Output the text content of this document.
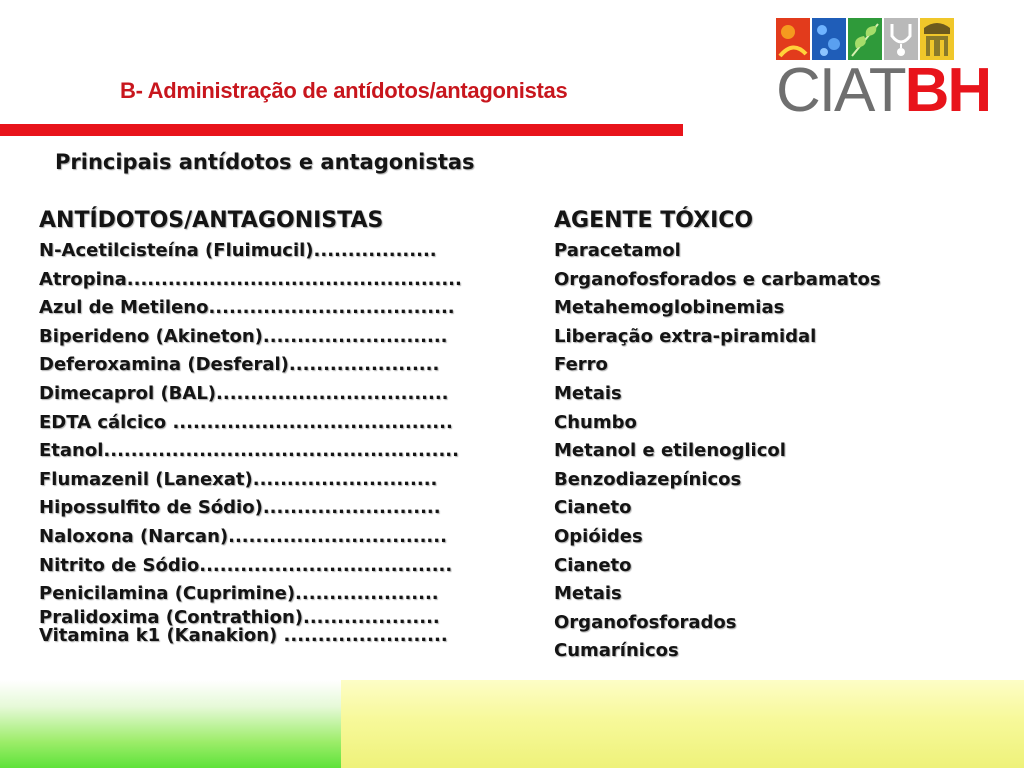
B- Administração de antídotos/antagonistas	CIATBH
Principais antídotos e antagonistas
ANTÍDOTOS/ANTAGONISTAS
N-Acetilcisteína (Fluimucil)..................
Atropina.................................................
Azul de Metileno....................................
Biperideno (Akineton)...........................
Deferoxamina (Desferal)......................
Dimecaprol (BAL)..................................
EDTA cálcico .........................................
Etanol....................................................
Flumazenil (Lanexat)...........................
Hipossulfito de Sódio)..........................
Naloxona (Narcan)................................
Nitrito de Sódio.....................................
Penicilamina (Cuprimine).....................
Pralidoxima (Contrathion)....................
Vitamina k1 (Kanakion) ........................
AGENTE TÓXICO
Paracetamol
Organofosforados e carbamatos
Metahemoglobinemias
Liberação extra-piramidal
Ferro
Metais
Chumbo
Metanol e etilenoglicol
Benzodiazepínicos
Cianeto
Opióides
Cianeto
Metais
Organofosforados
Cumarínicos
